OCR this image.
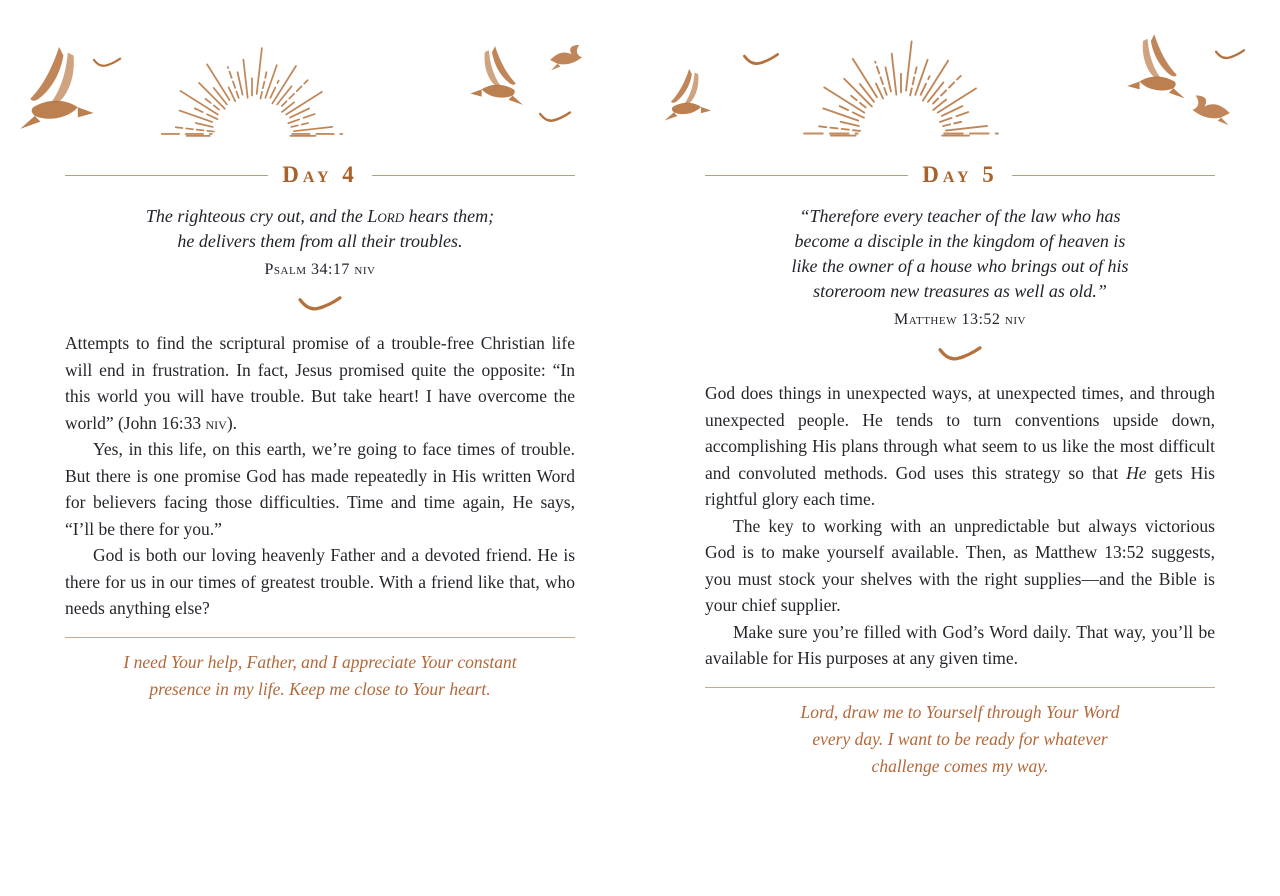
Day 4
The righteous cry out, and the Lord hears them;
he delivers them from all their troubles.
Psalm 34:17 niv

Attempts to find the scriptural promise of a trouble-free Christian life will end in frustration. In fact, Jesus promised quite the opposite: “In this world you will have trouble. But take heart! I have overcome the world” (John 16:33 niv).

Yes, in this life, on this earth, we’re going to face times of trouble. But there is one promise God has made repeatedly in His written Word for believers facing those difficulties. Time and time again, He says, “I’ll be there for you.”

God is both our loving heavenly Father and a devoted friend. He is there for us in our times of greatest trouble. With a friend like that, who needs anything else?

I need Your help, Father, and I appreciate Your constant presence in my life. Keep me close to Your heart.
Day 5
“Therefore every teacher of the law who has
become a disciple in the kingdom of heaven is
like the owner of a house who brings out of his
storeroom new treasures as well as old.”
Matthew 13:52 niv

God does things in unexpected ways, at unexpected times, and through unexpected people. He tends to turn conventions upside down, accomplishing His plans through what seem to us like the most difficult and convoluted methods. God uses this strategy so that He gets His rightful glory each time.

The key to working with an unpredictable but always victorious God is to make yourself available. Then, as Matthew 13:52 suggests, you must stock your shelves with the right supplies—and the Bible is your chief supplier.

Make sure you’re filled with God’s Word daily. That way, you’ll be available for His purposes at any given time.

Lord, draw me to Yourself through Your Word every day. I want to be ready for whatever challenge comes my way.
